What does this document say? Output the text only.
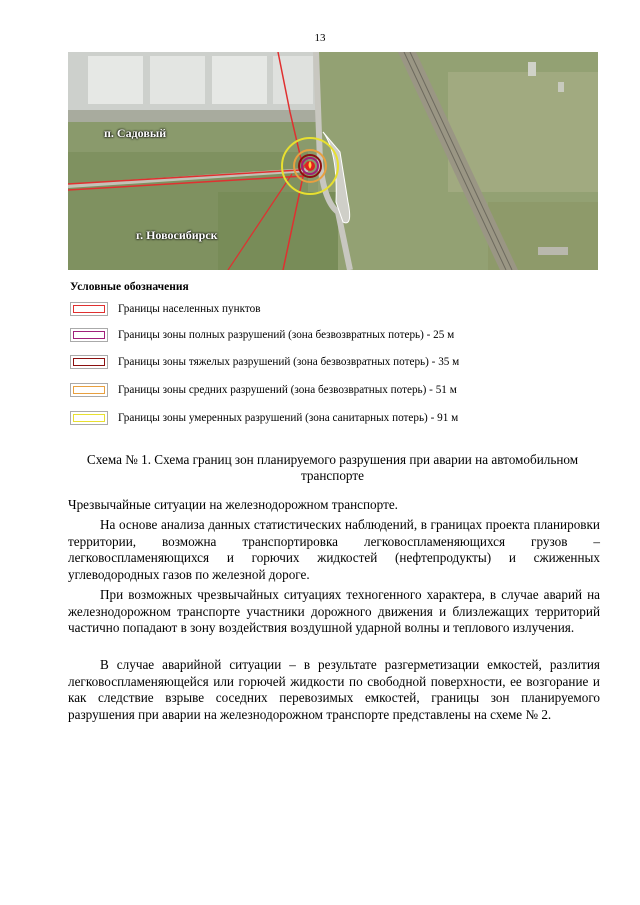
13
п. Садовый
г. Новосибирск
Условные обозначения
Границы населенных пунктов
Границы зоны полных разрушений (зона безвозвратных потерь) - 25 м
Границы зоны тяжелых разрушений (зона безвозвратных потерь) - 35 м
Границы зоны средних разрушений (зона безвозвратных потерь) - 51 м
Границы зоны умеренных разрушений (зона санитарных потерь) - 91 м
Схема № 1. Схема границ зон планируемого разрушения при аварии на автомобильном транспорте
Чрезвычайные ситуации на железнодорожном транспорте.
На основе анализа данных статистических наблюдений, в границах проекта планировки территории, возможна транспортировка легковоспламеняющихся грузов – легковоспламеняющихся и горючих жидкостей (нефтепродукты) и сжиженных углеводородных газов по железной дороге.
При возможных чрезвычайных ситуациях техногенного характера, в случае аварий на железнодорожном транспорте участники дорожного движения и близлежащих территорий частично попадают в зону воздействия воздушной ударной волны и теплового излучения.
В случае аварийной ситуации – в результате разгерметизации емкостей, разлития легковоспламеняющейся или горючей жидкости по свободной поверхности, ее возгорание и как следствие взрыве соседних перевозимых емкостей, границы зон планируемого разрушения при аварии на железнодорожном транспорте представлены на схеме № 2.
